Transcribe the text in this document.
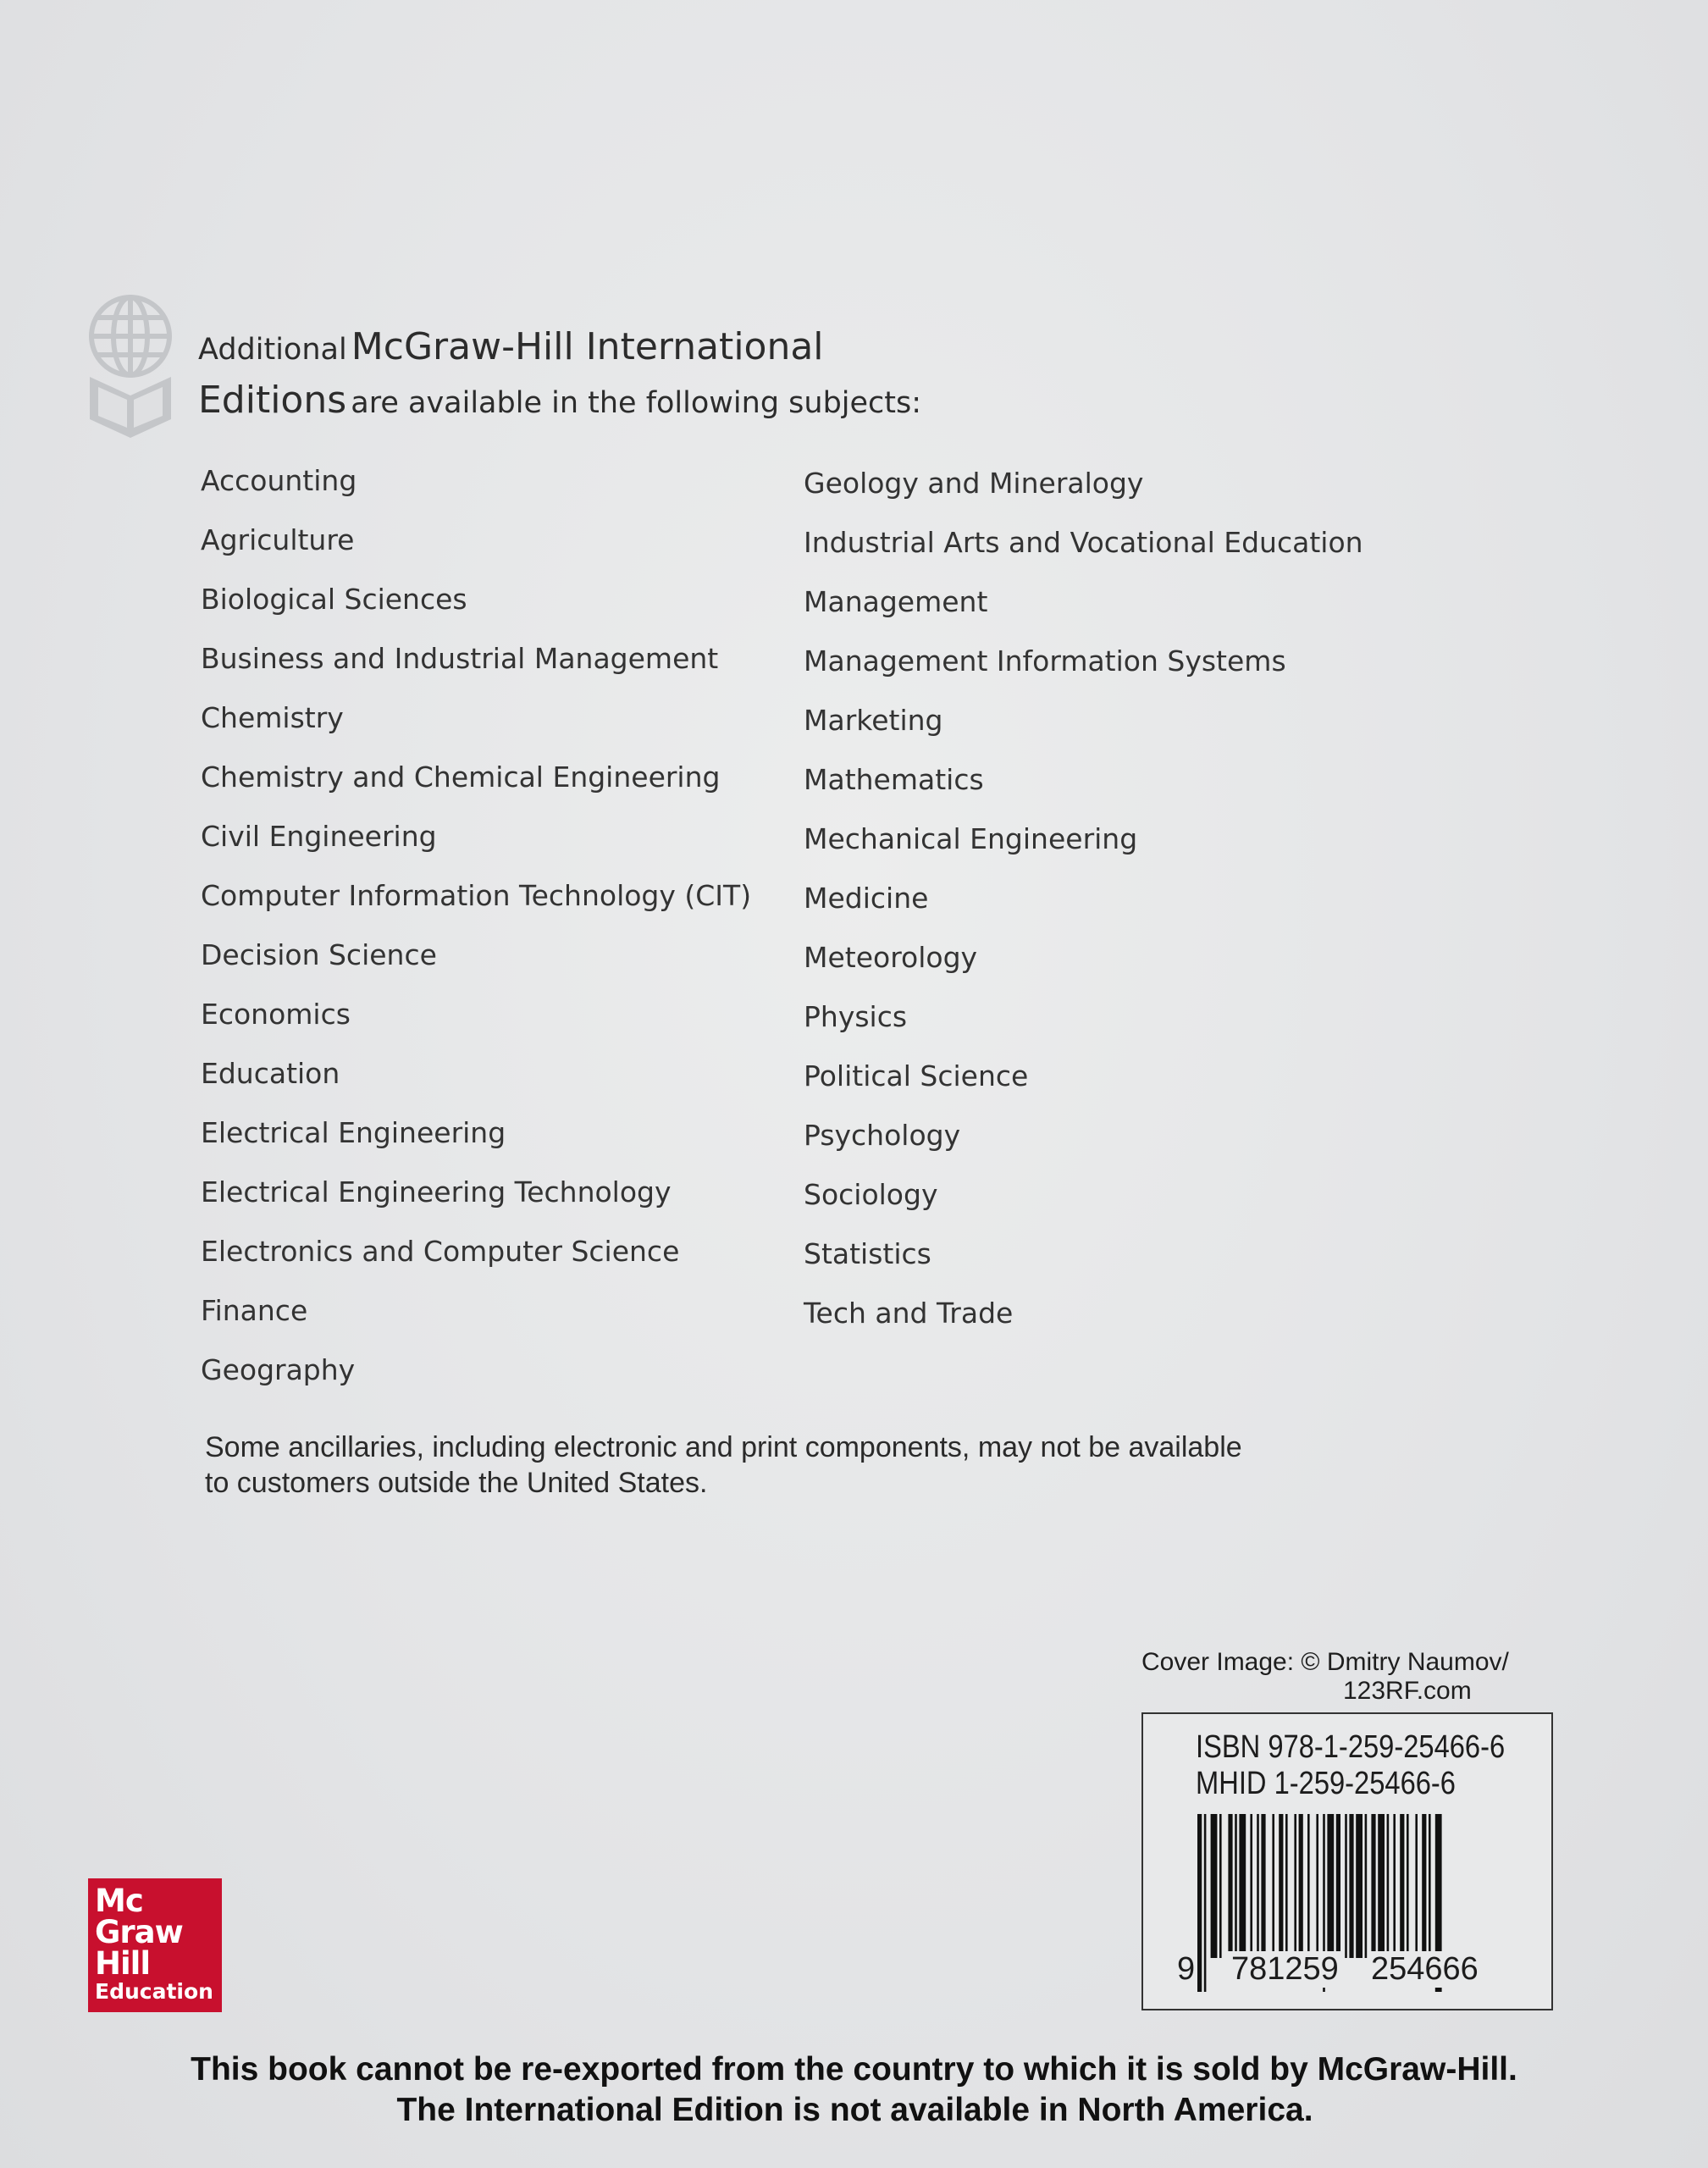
Additional McGraw-Hill International
Editions are available in the following subjects:
Accounting
Agriculture
Biological Sciences
Business and Industrial Management
Chemistry
Chemistry and Chemical Engineering
Civil Engineering
Computer Information Technology (CIT)
Decision Science
Economics
Education
Electrical Engineering
Electrical Engineering Technology
Electronics and Computer Science
Finance
Geography
Geology and Mineralogy
Industrial Arts and Vocational Education
Management
Management Information Systems
Marketing
Mathematics
Mechanical Engineering
Medicine
Meteorology
Physics
Political Science
Psychology
Sociology
Statistics
Tech and Trade
Some ancillaries, including electronic and print components, may not be available
to customers outside the United States.
Cover Image: © Dmitry Naumov/
123RF.com
ISBN 978-1-259-25466-6
MHID 1-259-25466-6
9 781259 254666
Mc
Graw
Hill
Education
This book cannot be re-exported from the country to which it is sold by McGraw-Hill.
The International Edition is not available in North America.
